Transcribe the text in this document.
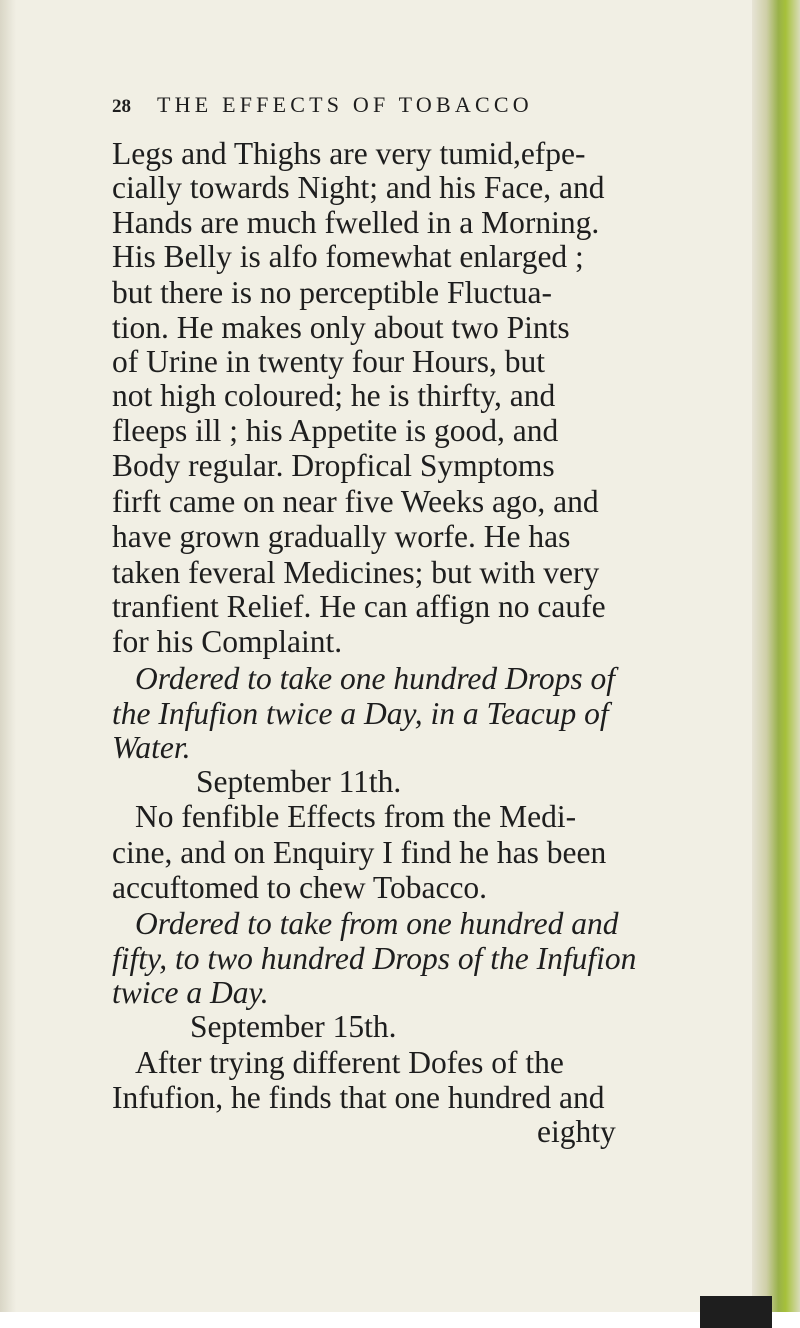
28 THE EFFECTS OF TOBACCO
Legs and Thighs are very tumid,efpe-
cially towards Night; and his Face, and
Hands are much fwelled in a Morning.
His Belly is alfo fomewhat enlarged ;
but there is no perceptible Fluctua-
tion. He makes only about two Pints
of Urine in twenty four Hours, but
not high coloured; he is thirfty, and
fleeps ill ; his Appetite is good, and
Body regular. Dropfical Symptoms
firft came on near five Weeks ago, and
have grown gradually worfe. He has
taken feveral Medicines; but with very
tranfient Relief. He can affign no caufe
for his Complaint.
Ordered to take one hundred Drops of
the Infufion twice a Day, in a Teacup of
Water.
September 11th.
No fenfible Effects from the Medi-
cine, and on Enquiry I find he has been
accuftomed to chew Tobacco.
Ordered to take from one hundred and
fifty, to two hundred Drops of the Infufion
twice a Day.
September 15th.
After trying different Dofes of the
Infufion, he finds that one hundred and
eighty
